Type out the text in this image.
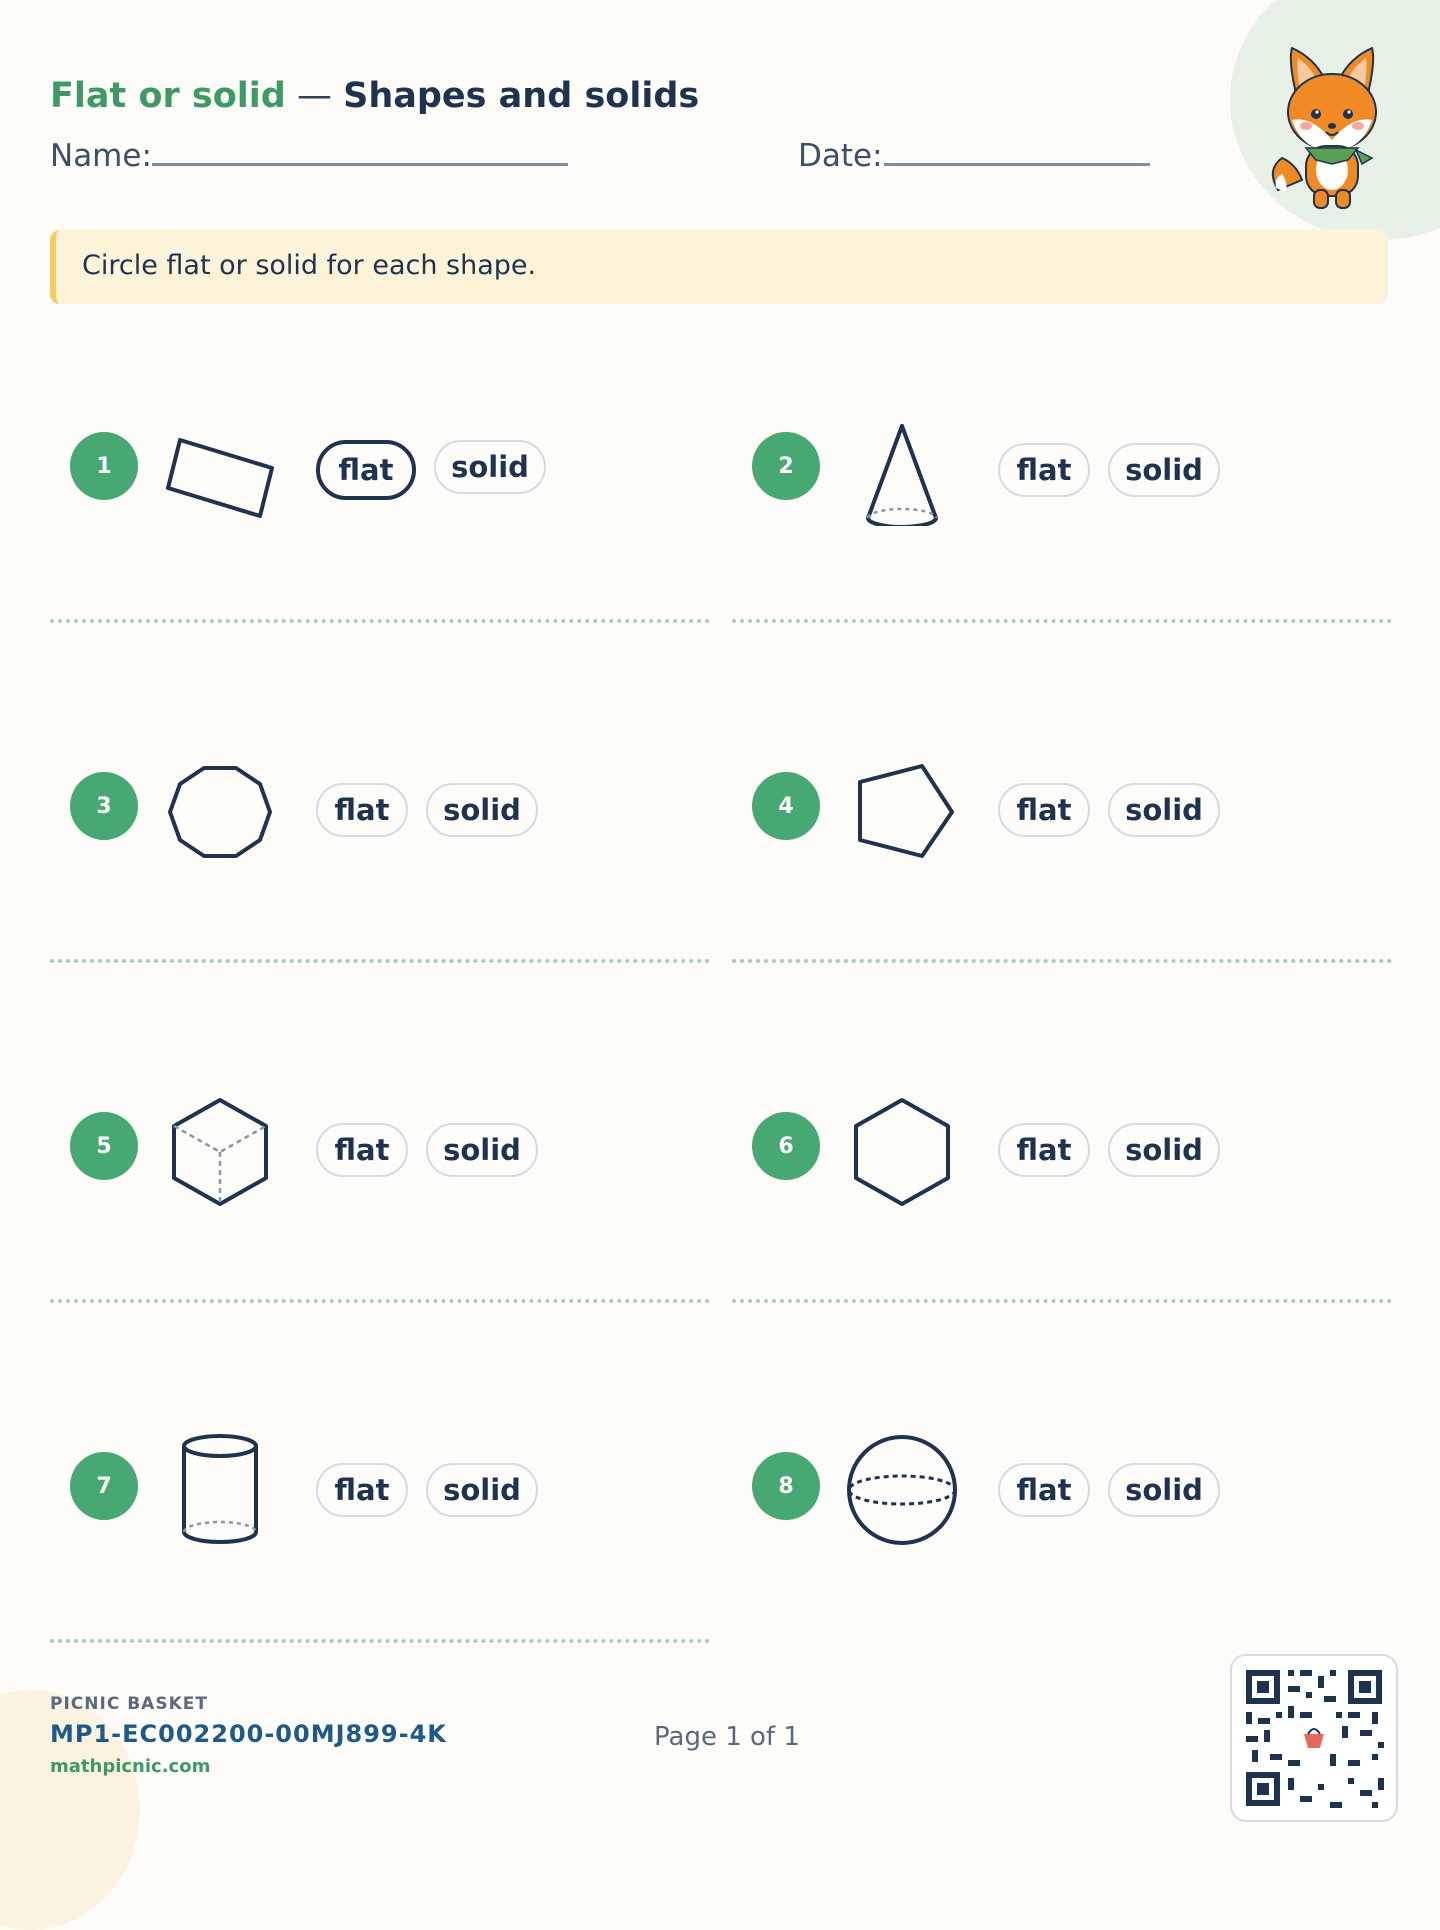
Flat or solid — Shapes and solids
Name:	Date:
Circle flat or solid for each shape.
1	flat	solid	2	flat	solid
3	flat	solid	4	flat	solid
5	flat	solid	6	flat	solid
7	flat	solid	8	flat	solid
PICNIC BASKET
MP1-EC002200-00MJ899-4K
mathpicnic.com
Page 1 of 1
